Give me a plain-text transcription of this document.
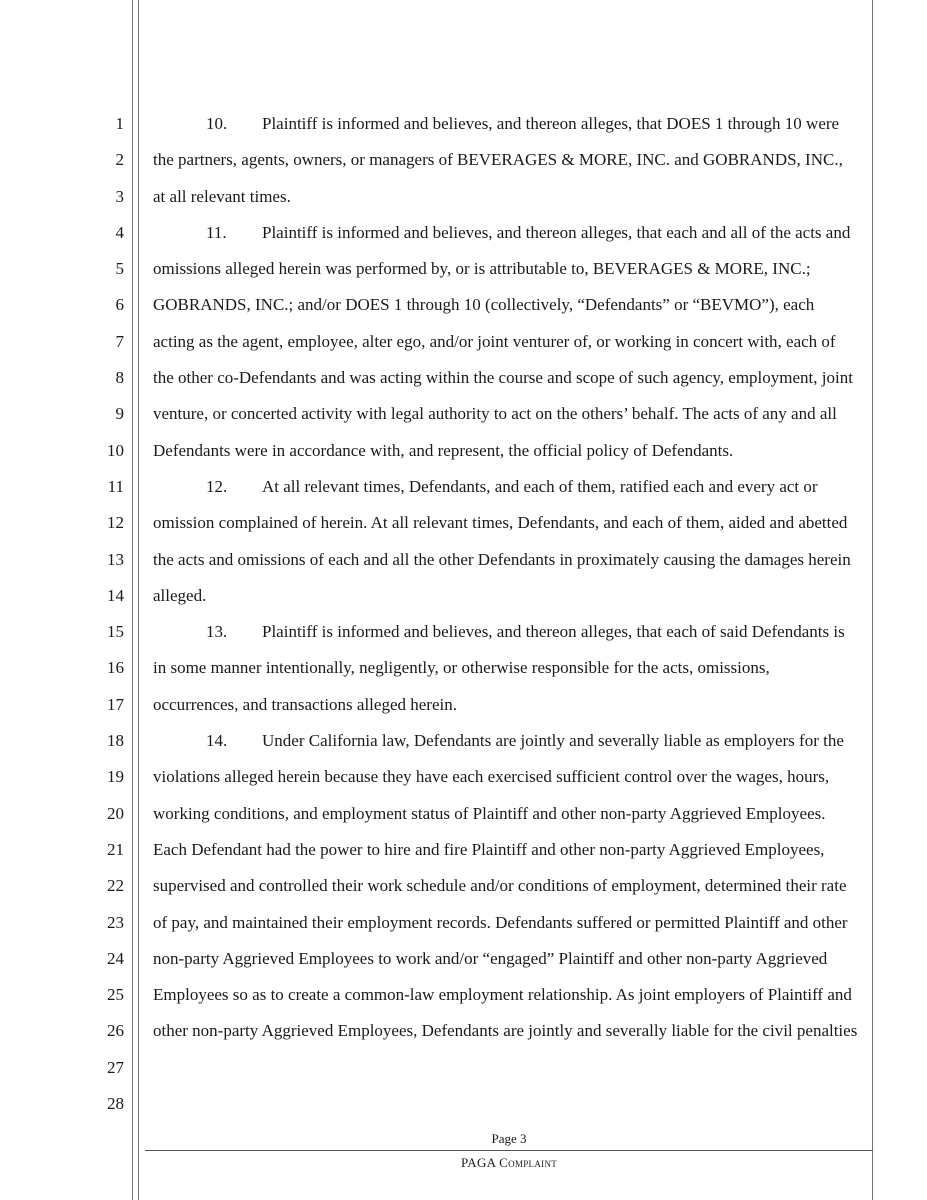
1
2
3
4
5
6
7
8
9
10
11
12
13
14
15
16
17
18
19
20
21
22
23
24
25
26
27
28

10. Plaintiff is informed and believes, and thereon alleges, that DOES 1 through 10 were the partners, agents, owners, or managers of BEVERAGES & MORE, INC. and GOBRANDS, INC., at all relevant times.

11. Plaintiff is informed and believes, and thereon alleges, that each and all of the acts and omissions alleged herein was performed by, or is attributable to, BEVERAGES & MORE, INC.; GOBRANDS, INC.; and/or DOES 1 through 10 (collectively, “Defendants” or “BEVMO”), each acting as the agent, employee, alter ego, and/or joint venturer of, or working in concert with, each of the other co-Defendants and was acting within the course and scope of such agency, employment, joint venture, or concerted activity with legal authority to act on the others’ behalf. The acts of any and all Defendants were in accordance with, and represent, the official policy of Defendants.

12. At all relevant times, Defendants, and each of them, ratified each and every act or omission complained of herein. At all relevant times, Defendants, and each of them, aided and abetted the acts and omissions of each and all the other Defendants in proximately causing the damages herein alleged.

13. Plaintiff is informed and believes, and thereon alleges, that each of said Defendants is in some manner intentionally, negligently, or otherwise responsible for the acts, omissions, occurrences, and transactions alleged herein.

14. Under California law, Defendants are jointly and severally liable as employers for the violations alleged herein because they have each exercised sufficient control over the wages, hours, working conditions, and employment status of Plaintiff and other non-party Aggrieved Employees. Each Defendant had the power to hire and fire Plaintiff and other non-party Aggrieved Employees, supervised and controlled their work schedule and/or conditions of employment, determined their rate of pay, and maintained their employment records. Defendants suffered or permitted Plaintiff and other non-party Aggrieved Employees to work and/or “engaged” Plaintiff and other non-party Aggrieved Employees so as to create a common-law employment relationship. As joint employers of Plaintiff and other non-party Aggrieved Employees, Defendants are jointly and severally liable for the civil penalties

Page 3
PAGA Complaint
